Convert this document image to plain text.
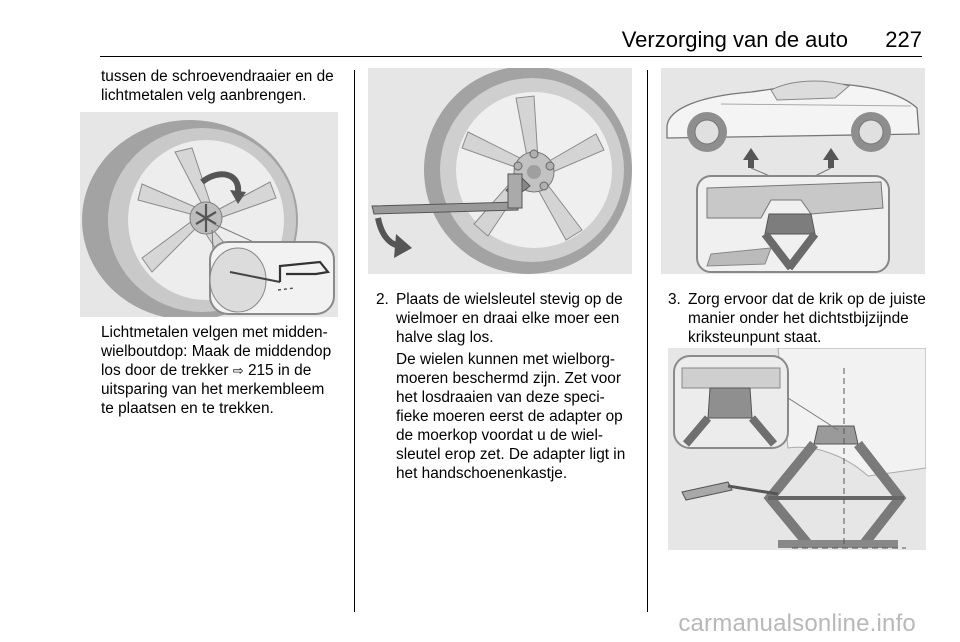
Verzorging van de auto 227

tussen de schroevendraaier en de

lichtmetalen velg aanbrengen.

Lichtmetalen velgen met midden-

wielboutdop: Maak de middendop

los door de trekker ⇨ 215 in de

uitsparing van het merkembleem

te plaatsen en te trekken.

2. Plaats de wielsleutel stevig op de

wielmoer en draai elke moer een

halve slag los.

De wielen kunnen met wielborg-

moeren beschermd zijn. Zet voor

het losdraaien van deze speci-

fieke moeren eerst de adapter op

de moerkop voordat u de wiel-

sleutel erop zet. De adapter ligt in

het handschoenenkastje.

3. Zorg ervoor dat de krik op de juiste

manier onder het dichtstbijzijnde

kriksteunpunt staat.

carmanualsonline.info
